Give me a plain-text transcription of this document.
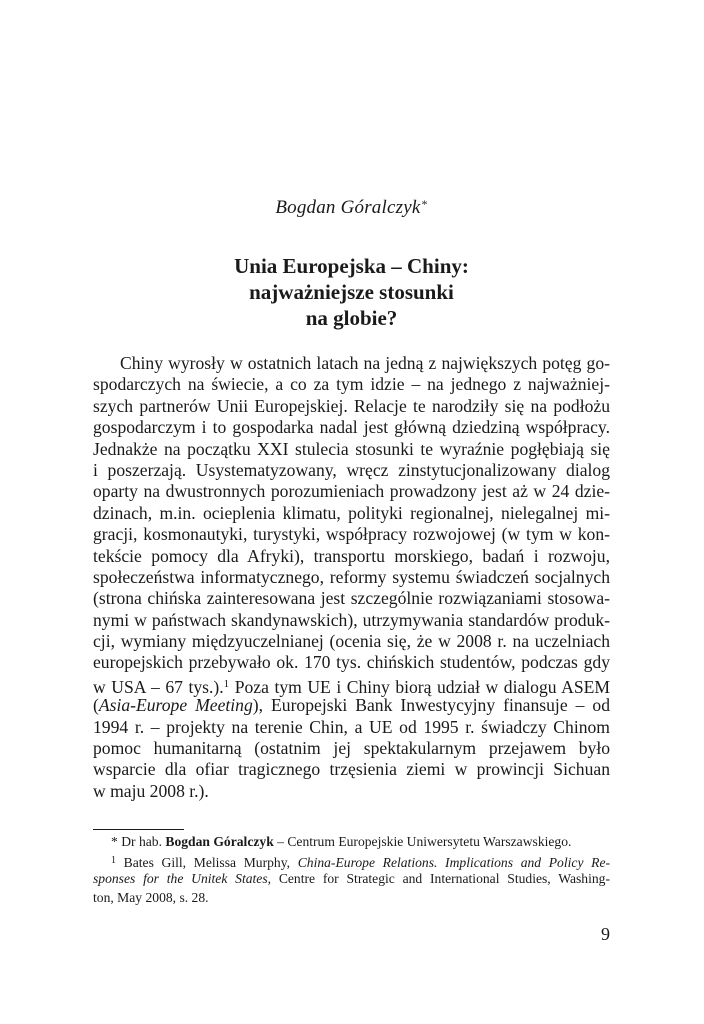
Bogdan Góralczyk*
Unia Europejska – Chiny:
najważniejsze stosunki
na globie?
Chiny wyrosły w ostatnich latach na jedną z największych potęg go-
spodarczych na świecie, a co za tym idzie – na jednego z najważniej-
szych partnerów Unii Europejskiej. Relacje te narodziły się na podłożu
gospodarczym i to gospodarka nadal jest główną dziedziną współpracy.
Jednakże na początku XXI stulecia stosunki te wyraźnie pogłębiają się
i poszerzają. Usystematyzowany, wręcz zinstytucjonalizowany dialog
oparty na dwustronnych porozumieniach prowadzony jest aż w 24 dzie-
dzinach, m.in. ocieplenia klimatu, polityki regionalnej, nielegalnej mi-
gracji, kosmonautyki, turystyki, współpracy rozwojowej (w tym w kon-
tekście pomocy dla Afryki), transportu morskiego, badań i rozwoju,
społeczeństwa informatycznego, reformy systemu świadczeń socjalnych
(strona chińska zainteresowana jest szczególnie rozwiązaniami stosowa-
nymi w państwach skandynawskich), utrzymywania standardów produk-
cji, wymiany międzyuczelnianej (ocenia się, że w 2008 r. na uczelniach
europejskich przebywało ok. 170 tys. chińskich studentów, podczas gdy
w USA – 67 tys.).$^1$ Poza tym UE i Chiny biorą udział w dialogu ASEM
(Asia-Europe Meeting), Europejski Bank Inwestycyjny finansuje – od
1994 r. – projekty na terenie Chin, a UE od 1995 r. świadczy Chinom
pomoc humanitarną (ostatnim jej spektakularnym przejawem było
wsparcie dla ofiar tragicznego trzęsienia ziemi w prowincji Sichuan
w maju 2008 r.).
* Dr hab. Bogdan Góralczyk – Centrum Europejskie Uniwersytetu Warszawskiego.
$^1$ Bates Gill, Melissa Murphy, China-Europe Relations. Implications and Policy Re-
sponses for the Unitek States, Centre for Strategic and International Studies, Washing-
ton, May 2008, s. 28.
9
